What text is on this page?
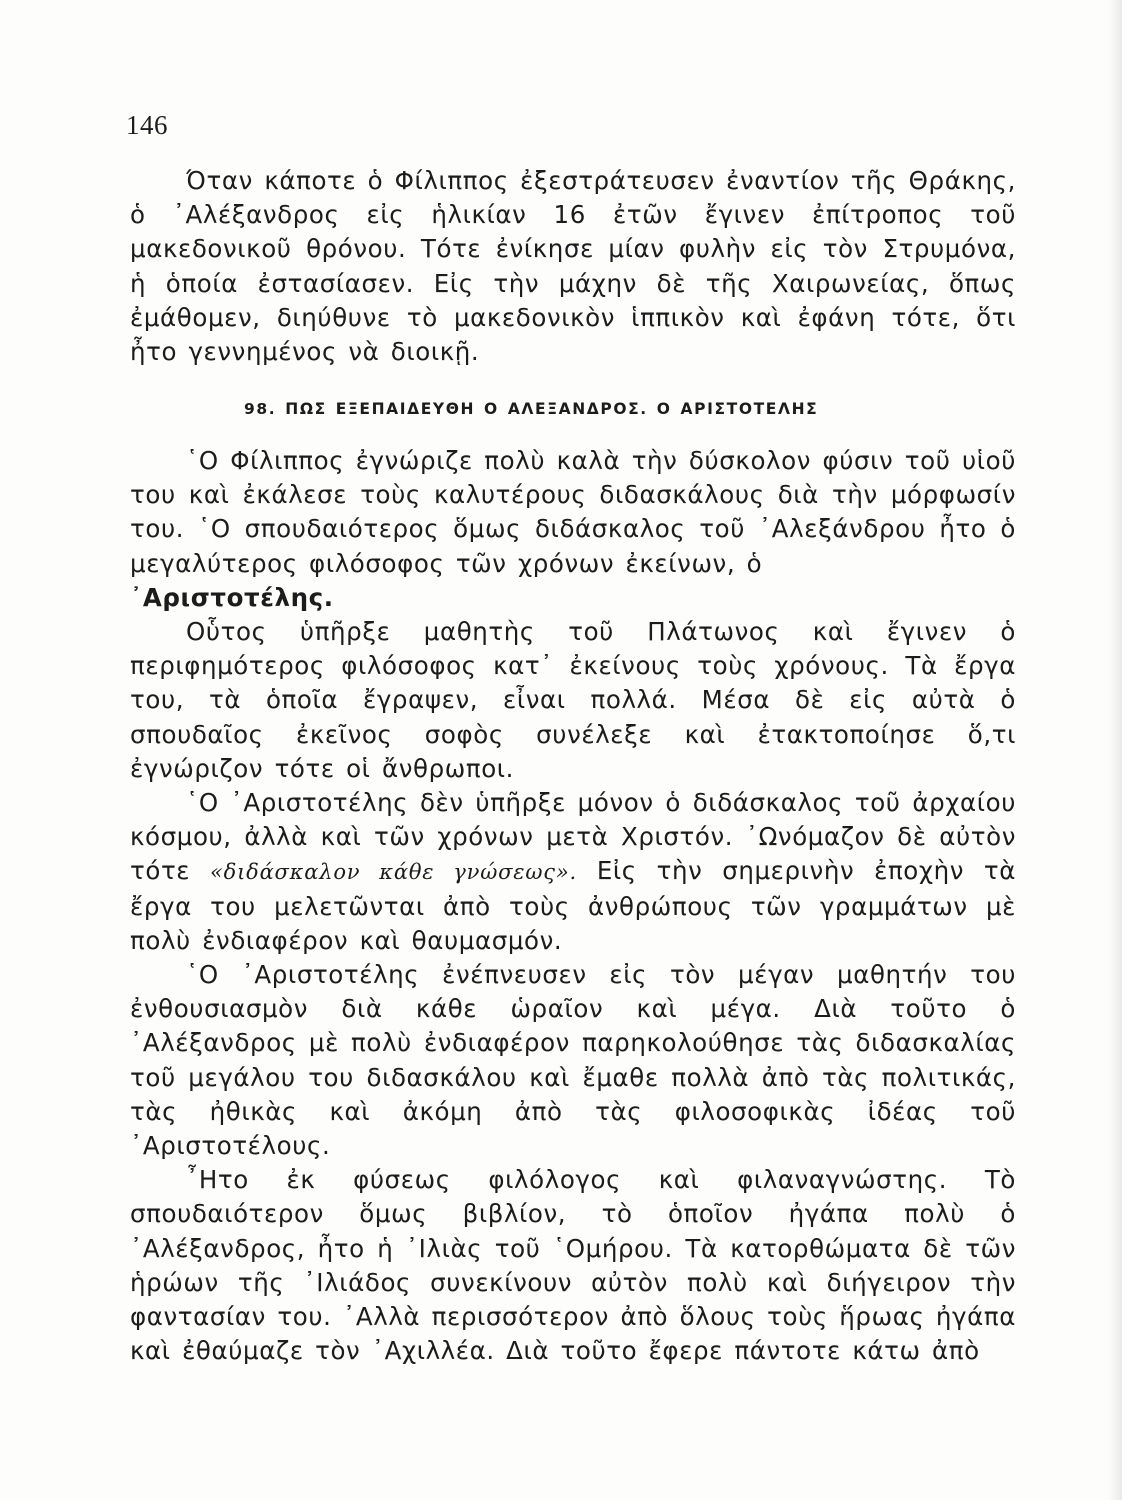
146

Όταν κάποτε ὁ Φίλιππος ἐξεστράτευσεν ἐναντίον τῆς Θράκης, ὁ ᾿Αλέξανδρος εἰς ἡλικίαν 16 ἐτῶν ἔγινεν ἐπίτροπος τοῦ μακεδονικοῦ θρόνου. Τότε ἐνίκησε μίαν φυλὴν εἰς τὸν Στρυμόνα, ἡ ὁποία ἐστασίασεν. Εἰς τὴν μάχην δὲ τῆς Χαιρωνείας, ὅπως ἐμάθομεν, διηύθυνε τὸ μακεδονικὸν ἱππικὸν καὶ ἐφάνη τότε, ὅτι ἦτο γεννημένος νὰ διοικῇ.

98. ΠΩΣ ΕΞΕΠΑΙΔΕΥΘΗ Ο ΑΛΕΞΑΝΔΡΟΣ. Ο ΑΡΙΣΤΟΤΕΛΗΣ

῾Ο Φίλιππος ἐγνώριζε πολὺ καλὰ τὴν δύσκολον φύσιν τοῦ υἱοῦ του καὶ ἐκάλεσε τοὺς καλυτέρους διδασκάλους διὰ τὴν μόρφωσίν του. ῾Ο σπουδαιότερος ὅμως διδάσκαλος τοῦ ᾿Αλεξάνδρου ἦτο ὁ μεγαλύτερος φιλόσοφος τῶν χρόνων ἐκείνων, ὁ
᾿Αριστοτέλης.

Οὗτος ὑπῆρξε μαθητὴς τοῦ Πλάτωνος καὶ ἔγινεν ὁ περιφημότερος φιλόσοφος κατ᾿ ἐκείνους τοὺς χρόνους. Τὰ ἔργα του, τὰ ὁποῖα ἔγραψεν, εἶναι πολλά. Μέσα δὲ εἰς αὐτὰ ὁ σπουδαῖος ἐκεῖνος σοφὸς συνέλεξε καὶ ἐτακτοποίησε ὅ,τι ἐγνώριζον τότε οἱ ἄνθρωποι.

῾Ο ᾿Αριστοτέλης δὲν ὑπῆρξε μόνον ὁ διδάσκαλος τοῦ ἀρχαίου κόσμου, ἀλλὰ καὶ τῶν χρόνων μετὰ Χριστόν. ᾿Ωνόμαζον δὲ αὐτὸν τότε «διδάσκαλον κάθε γνώσεως». Εἰς τὴν σημερινὴν ἐποχὴν τὰ ἔργα του μελετῶνται ἀπὸ τοὺς ἀνθρώπους τῶν γραμμάτων μὲ πολὺ ἐνδιαφέρον καὶ θαυμασμόν.

῾Ο ᾿Αριστοτέλης ἐνέπνευσεν εἰς τὸν μέγαν μαθητήν του ἐνθουσιασμὸν διὰ κάθε ὡραῖον καὶ μέγα. Διὰ τοῦτο ὁ ᾿Αλέξανδρος μὲ πολὺ ἐνδιαφέρον παρηκολούθησε τὰς διδασκαλίας τοῦ μεγάλου του διδασκάλου καὶ ἔμαθε πολλὰ ἀπὸ τὰς πολιτικάς, τὰς ἠθικὰς καὶ ἀκόμη ἀπὸ τὰς φιλοσοφικὰς ἰδέας τοῦ ᾿Αριστοτέλους.

῏Ητο ἐκ φύσεως φιλόλογος καὶ φιλαναγνώστης. Τὸ σπουδαιότερον ὅμως βιβλίον, τὸ ὁποῖον ἠγάπα πολὺ ὁ ᾿Αλέξανδρος, ἦτο ἡ ᾿Ιλιὰς τοῦ ῾Ομήρου. Τὰ κατορθώματα δὲ τῶν ἡρώων τῆς ᾿Ιλιάδος συνεκίνουν αὐτὸν πολὺ καὶ διήγειρον τὴν φαντασίαν του. ᾿Αλλὰ περισσότερον ἀπὸ ὅλους τοὺς ἥρωας ἠγάπα καὶ ἐθαύμαζε τὸν ᾿Αχιλλέα. Διὰ τοῦτο ἔφερε πάντοτε κάτω ἀπὸ
